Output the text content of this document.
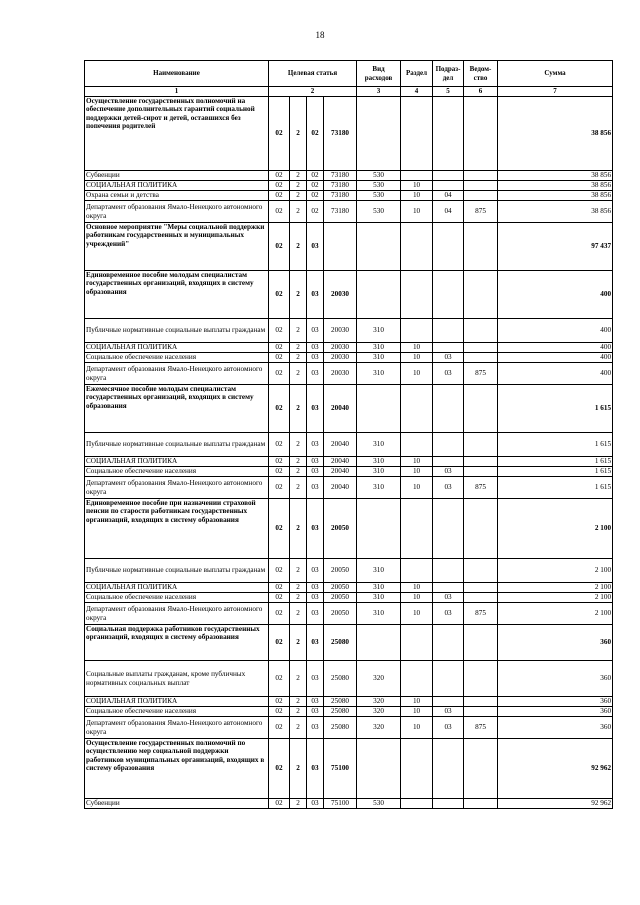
18
Наименование	Целевая статья				Вид расходов	Раздел	Подраз-дел	Ведом-ство	Сумма
1	2				3	4	5	6	7
Осуществление государственных полномочий на обеспечение дополнительных гарантий социальной поддержки детей-сирот и детей, оставшихся без попечения родителей	02	2	02	73180					38 856
Субвенции	02	2	02	73180	530				38 856
СОЦИАЛЬНАЯ ПОЛИТИКА	02	2	02	73180	530	10			38 856
Охрана семьи и детства	02	2	02	73180	530	10	04		38 856
Департамент образования Ямало-Ненецкого автономного округа	02	2	02	73180	530	10	04	875	38 856
Основное мероприятие "Меры социальной поддержки работникам государственных и муниципальных учреждений"	02	2	03						97 437
Единовременное пособие молодым специалистам государственных организаций, входящих в систему образования	02	2	03	20030					400
Публичные нормативные социальные выплаты гражданам	02	2	03	20030	310				400
СОЦИАЛЬНАЯ ПОЛИТИКА	02	2	03	20030	310	10			400
Социальное обеспечение населения	02	2	03	20030	310	10	03		400
Департамент образования Ямало-Ненецкого автономного округа	02	2	03	20030	310	10	03	875	400
Ежемесячное пособие молодым специалистам государственных организаций, входящих в систему образования	02	2	03	20040					1 615
Публичные нормативные социальные выплаты гражданам	02	2	03	20040	310				1 615
СОЦИАЛЬНАЯ ПОЛИТИКА	02	2	03	20040	310	10			1 615
Социальное обеспечение населения	02	2	03	20040	310	10	03		1 615
Департамент образования Ямало-Ненецкого автономного округа	02	2	03	20040	310	10	03	875	1 615
Единовременное пособие при назначении страховой пенсии по старости работникам государственных организаций, входящих в систему образования	02	2	03	20050					2 100
Публичные нормативные социальные выплаты гражданам	02	2	03	20050	310				2 100
СОЦИАЛЬНАЯ ПОЛИТИКА	02	2	03	20050	310	10			2 100
Социальное обеспечение населения	02	2	03	20050	310	10	03		2 100
Департамент образования Ямало-Ненецкого автономного округа	02	2	03	20050	310	10	03	875	2 100
Социальная поддержка работников государственных организаций, входящих в систему образования	02	2	03	25080					360
Социальные выплаты гражданам, кроме публичных нормативных социальных выплат	02	2	03	25080	320				360
СОЦИАЛЬНАЯ ПОЛИТИКА	02	2	03	25080	320	10			360
Социальное обеспечение населения	02	2	03	25080	320	10	03		360
Департамент образования Ямало-Ненецкого автономного округа	02	2	03	25080	320	10	03	875	360
Осуществление государственных полномочий по осуществлению мер социальной поддержки работников муниципальных организаций, входящих в систему образования	02	2	03	75100					92 962
Субвенции	02	2	03	75100	530				92 962
